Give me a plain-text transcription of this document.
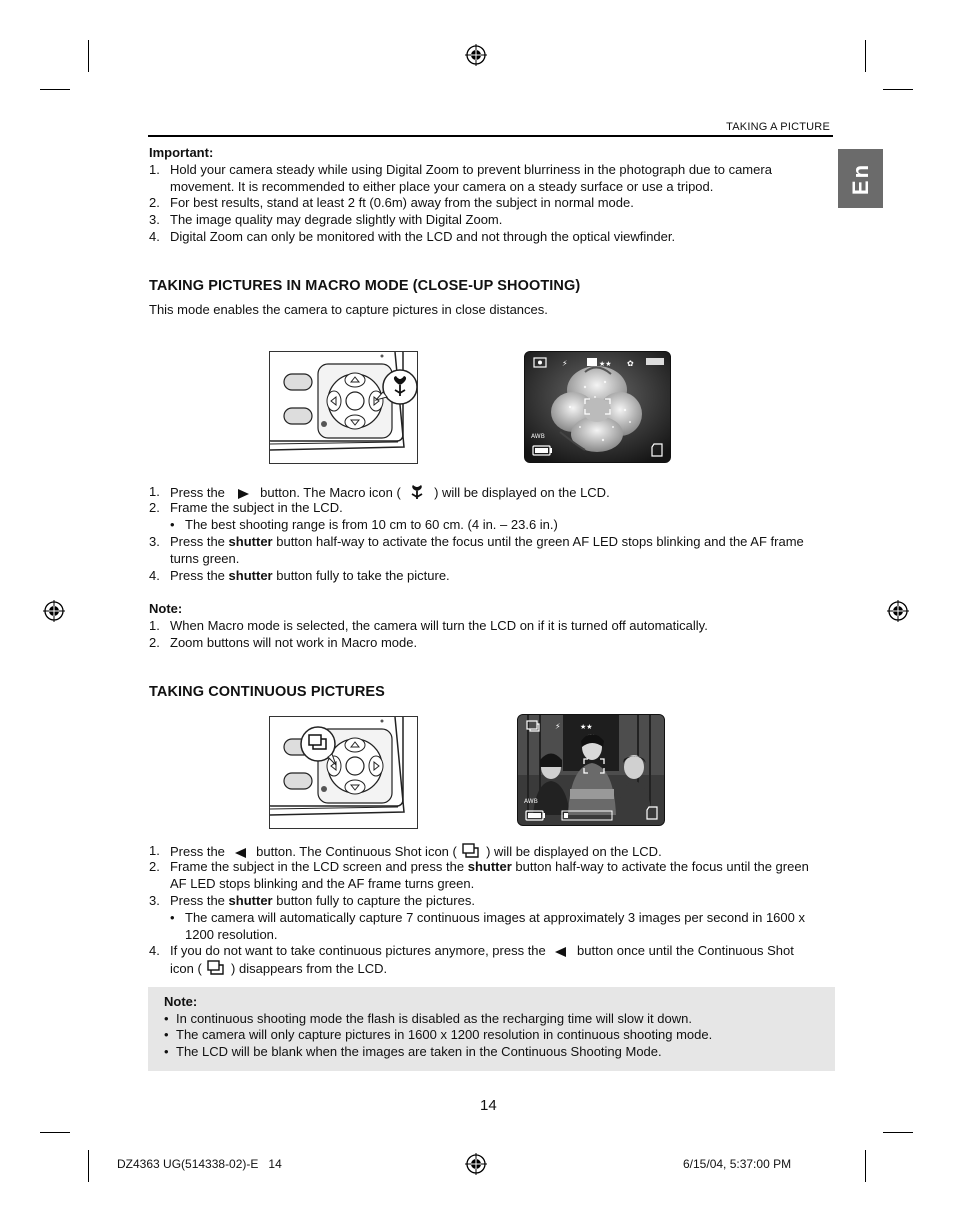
TAKING A PICTURE
En
Important:
1. Hold your camera steady while using Digital Zoom to prevent blurriness in the photograph due to camera movement. It is recommended to either place your camera on a steady surface or use a tripod.
2. For best results, stand at least 2 ft (0.6m) away from the subject in normal mode.
3. The image quality may degrade slightly with Digital Zoom.
4. Digital Zoom can only be monitored with the LCD and not through the optical viewfinder.
TAKING PICTURES IN MACRO MODE (CLOSE-UP SHOOTING)
This mode enables the camera to capture pictures in close distances.
⚡	★★ ✿
AWB
1. Press the	button. The Macro icon (	) will be displayed on the LCD.
2. Frame the subject in the LCD.
• The best shooting range is from 10 cm to 60 cm. (4 in. – 23.6 in.)
3. Press the shutter button half-way to activate the focus until the green AF LED stops blinking and the AF frame turns green.
4. Press the shutter button fully to take the picture.
Note:
1. When Macro mode is selected, the camera will turn the LCD on if it is turned off automatically.
2. Zoom buttons will not work in Macro mode.
TAKING CONTINUOUS PICTURES
⚡	★★
AWB
1. Press the button. The Continuous Shot icon ( ) will be displayed on the LCD.
2. Frame the subject in the LCD screen and press the shutter button half-way to activate the focus until the green AF LED stops blinking and the AF frame turns green.
3. Press the shutter button fully to capture the pictures.
• The camera will automatically capture 7 continuous images at approximately 3 images per second in 1600 x 1200 resolution.
4. If you do not want to take continuous pictures anymore, press the button once until the Continuous Shot icon ( ) disappears from the LCD.
Note:
• In continuous shooting mode the flash is disabled as the recharging time will slow it down.
• The camera will only capture pictures in 1600 x 1200 resolution in continuous shooting mode.
• The LCD will be blank when the images are taken in the Continuous Shooting Mode.
14
DZ4363 UG(514338-02)-E   14	6/15/04, 5:37:00 PM
